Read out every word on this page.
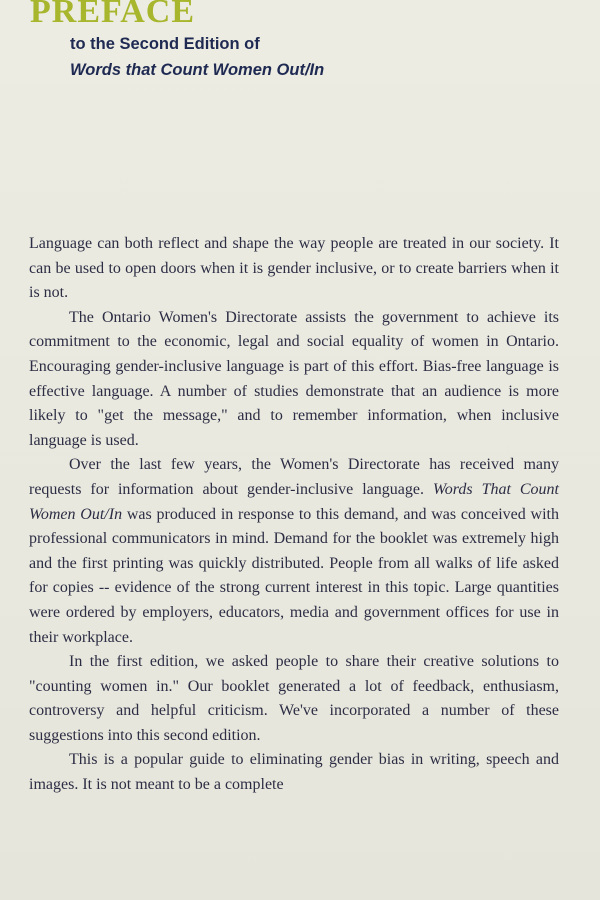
PREFACE
to the Second Edition of
Words that Count Women Out/In

Language can both reflect and shape the way people are treated in our society. It can be used to open doors when it is gender inclusive, or to create barriers when it is not.

The Ontario Women's Directorate assists the government to achieve its commitment to the economic, legal and social equality of women in Ontario. Encouraging gender-inclusive language is part of this effort. Bias-free language is effective language. A number of studies demonstrate that an audience is more likely to "get the message," and to remember information, when inclusive language is used.

Over the last few years, the Women's Directorate has received many requests for information about gender-inclusive language. Words That Count Women Out/In was produced in response to this demand, and was conceived with professional communicators in mind. Demand for the booklet was extremely high and the first printing was quickly distributed. People from all walks of life asked for copies -- evidence of the strong current interest in this topic. Large quantities were ordered by employers, educators, media and government offices for use in their workplace.

In the first edition, we asked people to share their creative solutions to "counting women in." Our booklet generated a lot of feedback, enthusiasm, controversy and helpful criticism. We've incorporated a number of these suggestions into this second edition.

This is a popular guide to eliminating gender bias in writing, speech and images. It is not meant to be a complete
